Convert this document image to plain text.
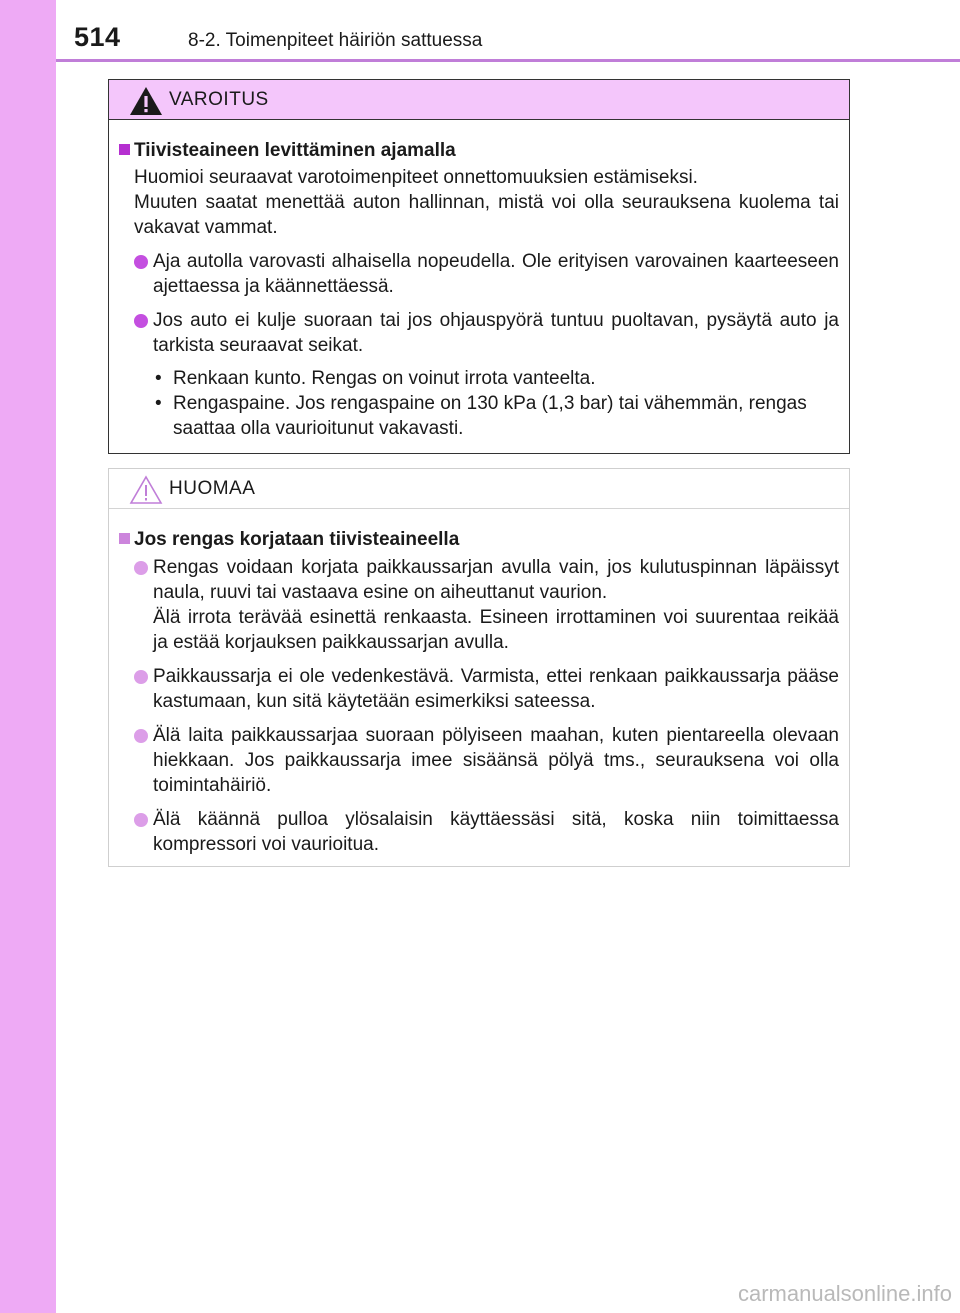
514	8-2. Toimenpiteet häiriön sattuessa
VAROITUS
Tiivisteaineen levittäminen ajamalla
Huomioi seuraavat varotoimenpiteet onnettomuuksien estämiseksi.
Muuten saatat menettää auton hallinnan, mistä voi olla seurauksena kuolema tai vakavat vammat.
Aja autolla varovasti alhaisella nopeudella. Ole erityisen varovainen kaarteeseen ajettaessa ja käännettäessä.
Jos auto ei kulje suoraan tai jos ohjauspyörä tuntuu puoltavan, pysäytä auto ja tarkista seuraavat seikat.
• Renkaan kunto. Rengas on voinut irrota vanteelta.
• Rengaspaine. Jos rengaspaine on 130 kPa (1,3 bar) tai vähemmän, rengas saattaa olla vaurioitunut vakavasti.
HUOMAA
Jos rengas korjataan tiivisteaineella
Rengas voidaan korjata paikkaussarjan avulla vain, jos kulutuspinnan läpäissyt naula, ruuvi tai vastaava esine on aiheuttanut vaurion.
Älä irrota terävää esinettä renkaasta. Esineen irrottaminen voi suurentaa reikää ja estää korjauksen paikkaussarjan avulla.
Paikkaussarja ei ole vedenkestävä. Varmista, ettei renkaan paikkaussarja pääse kastumaan, kun sitä käytetään esimerkiksi sateessa.
Älä laita paikkaussarjaa suoraan pölyiseen maahan, kuten pientareella olevaan hiekkaan. Jos paikkaussarja imee sisäänsä pölyä tms., seurauksena voi olla toimintahäiriö.
Älä käännä pulloa ylösalaisin käyttäessäsi sitä, koska niin toimittaessa kompressori voi vaurioitua.
carmanualsonline.info
